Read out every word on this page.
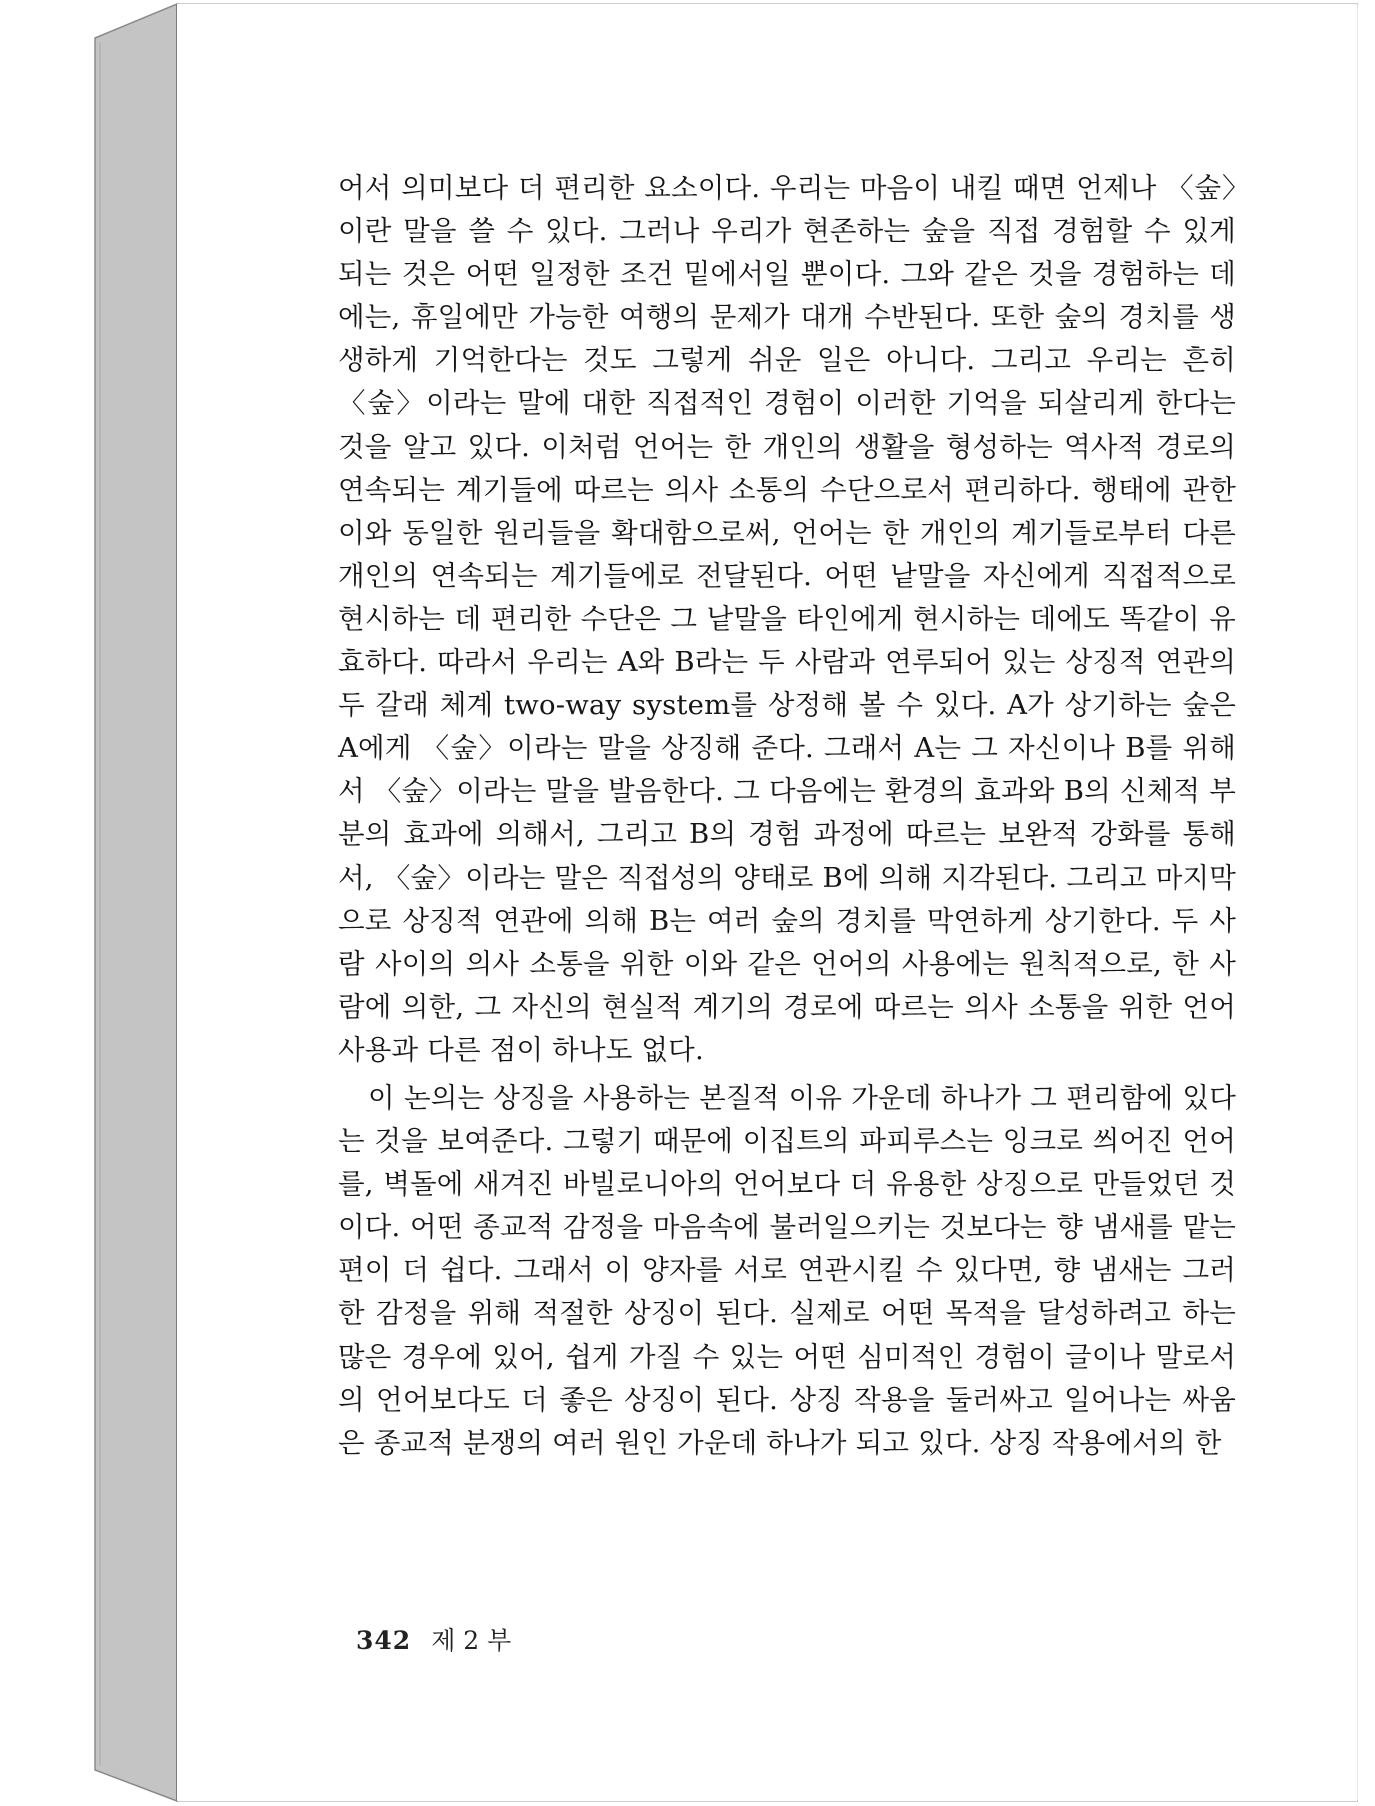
어서 의미보다 더 편리한 요소이다. 우리는 마음이 내킬 때면 언제나 〈숲〉이란 말을 쓸 수 있다. 그러나 우리가 현존하는 숲을 직접 경험할 수 있게 되는 것은 어떤 일정한 조건 밑에서일 뿐이다. 그와 같은 것을 경험하는 데에는, 휴일에만 가능한 여행의 문제가 대개 수반된다. 또한 숲의 경치를 생생하게 기억한다는 것도 그렇게 쉬운 일은 아니다. 그리고 우리는 흔히 〈숲〉이라는 말에 대한 직접적인 경험이 이러한 기억을 되살리게 한다는 것을 알고 있다. 이처럼 언어는 한 개인의 생활을 형성하는 역사적 경로의 연속되는 계기들에 따르는 의사 소통의 수단으로서 편리하다. 행태에 관한 이와 동일한 원리들을 확대함으로써, 언어는 한 개인의 계기들로부터 다른 개인의 연속되는 계기들에로 전달된다. 어떤 낱말을 자신에게 직접적으로 현시하는 데 편리한 수단은 그 낱말을 타인에게 현시하는 데에도 똑같이 유효하다. 따라서 우리는 A와 B라는 두 사람과 연루되어 있는 상징적 연관의 두 갈래 체계 two-way system를 상정해 볼 수 있다. A가 상기하는 숲은 A에게 〈숲〉이라는 말을 상징해 준다. 그래서 A는 그 자신이나 B를 위해서 〈숲〉이라는 말을 발음한다. 그 다음에는 환경의 효과와 B의 신체적 부분의 효과에 의해서, 그리고 B의 경험 과정에 따르는 보완적 강화를 통해서, 〈숲〉이라는 말은 직접성의 양태로 B에 의해 지각된다. 그리고 마지막으로 상징적 연관에 의해 B는 여러 숲의 경치를 막연하게 상기한다. 두 사람 사이의 의사 소통을 위한 이와 같은 언어의 사용에는 원칙적으로, 한 사람에 의한, 그 자신의 현실적 계기의 경로에 따르는 의사 소통을 위한 언어 사용과 다른 점이 하나도 없다.

이 논의는 상징을 사용하는 본질적 이유 가운데 하나가 그 편리함에 있다는 것을 보여준다. 그렇기 때문에 이집트의 파피루스는 잉크로 씌어진 언어를, 벽돌에 새겨진 바빌로니아의 언어보다 더 유용한 상징으로 만들었던 것이다. 어떤 종교적 감정을 마음속에 불러일으키는 것보다는 향 냄새를 맡는 편이 더 쉽다. 그래서 이 양자를 서로 연관시킬 수 있다면, 향 냄새는 그러한 감정을 위해 적절한 상징이 된다. 실제로 어떤 목적을 달성하려고 하는 많은 경우에 있어, 쉽게 가질 수 있는 어떤 심미적인 경험이 글이나 말로서의 언어보다도 더 좋은 상징이 된다. 상징 작용을 둘러싸고 일어나는 싸움은 종교적 분쟁의 여러 원인 가운데 하나가 되고 있다. 상징 작용에서의 한

342 제 2 부
